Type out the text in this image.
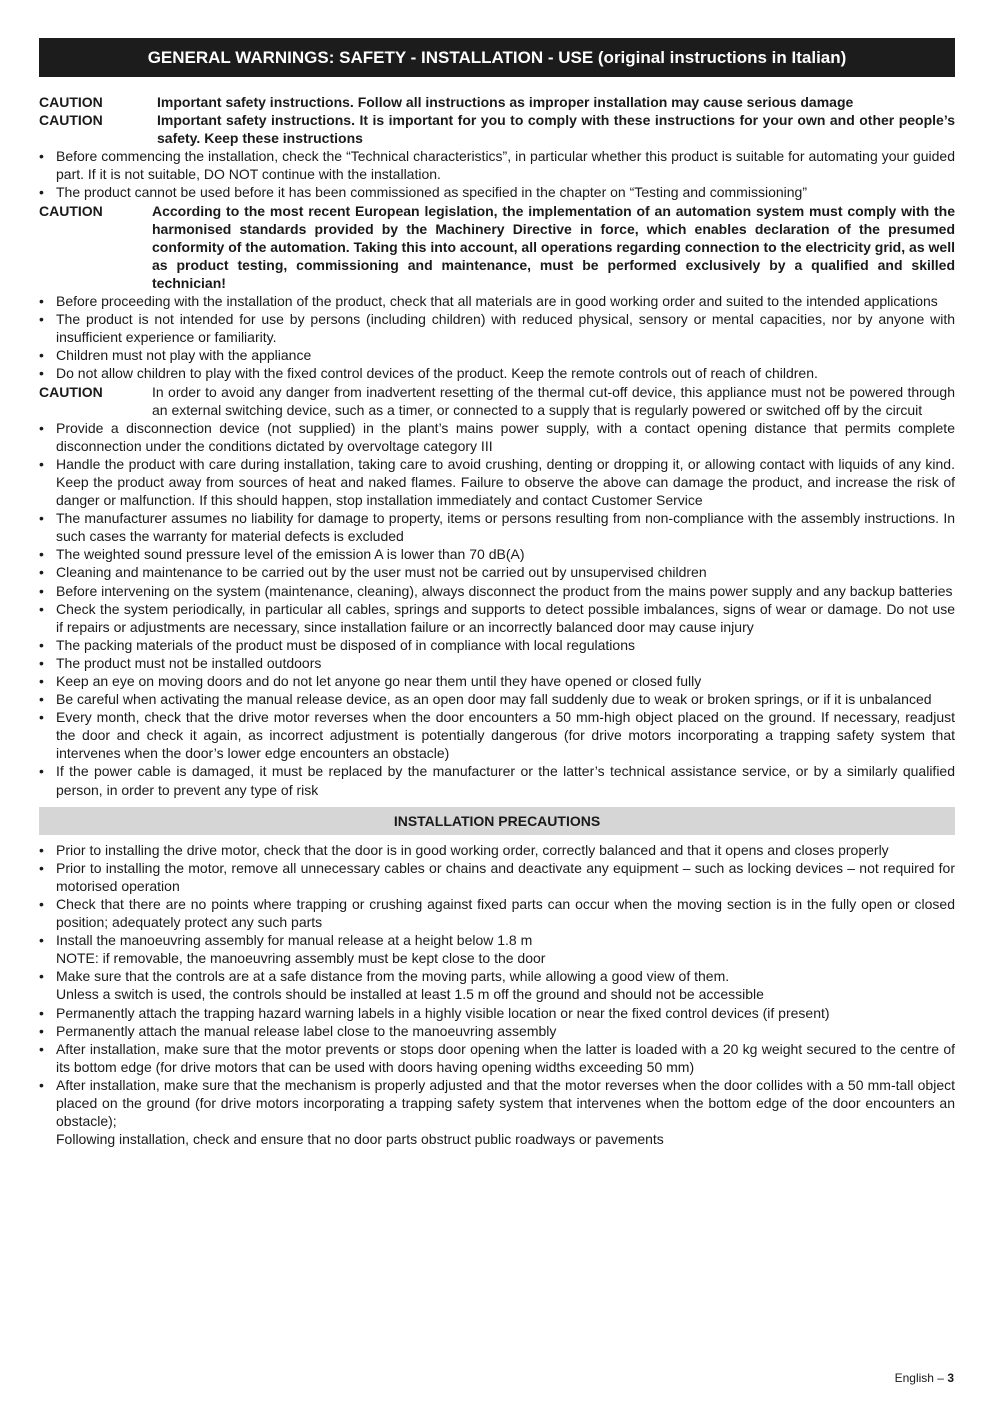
GENERAL WARNINGS: SAFETY - INSTALLATION - USE (original instructions in Italian)
CAUTION	Important safety instructions. Follow all instructions as improper installation may cause serious damage
CAUTION	Important safety instructions. It is important for you to comply with these instructions for your own and other people’s safety. Keep these instructions
• Before commencing the installation, check the “Technical characteristics”, in particular whether this product is suitable for automating your guided part. If it is not suitable, DO NOT continue with the installation.
• The product cannot be used before it has been commissioned as specified in the chapter on “Testing and commissioning”
CAUTION	According to the most recent European legislation, the implementation of an automation system must comply with the harmonised standards provided by the Machinery Directive in force, which enables declaration of the presumed conformity of the automation. Taking this into account, all operations regarding connection to the electricity grid, as well as product testing, commissioning and maintenance, must be performed exclusively by a qualified and skilled technician!
• Before proceeding with the installation of the product, check that all materials are in good working order and suited to the intended applications
• The product is not intended for use by persons (including children) with reduced physical, sensory or mental capacities, nor by anyone with insufficient experience or familiarity.
• Children must not play with the appliance
• Do not allow children to play with the fixed control devices of the product. Keep the remote controls out of reach of children.
CAUTION	In order to avoid any danger from inadvertent resetting of the thermal cut-off device, this appliance must not be powered through an external switching device, such as a timer, or connected to a supply that is regularly powered or switched off by the circuit
• Provide a disconnection device (not supplied) in the plant’s mains power supply, with a contact opening distance that permits complete disconnection under the conditions dictated by overvoltage category III
• Handle the product with care during installation, taking care to avoid crushing, denting or dropping it, or allowing contact with liquids of any kind. Keep the product away from sources of heat and naked flames. Failure to observe the above can damage the product, and increase the risk of danger or malfunction. If this should happen, stop installation immediately and contact Customer Service
• The manufacturer assumes no liability for damage to property, items or persons resulting from non-compliance with the assembly instructions. In such cases the warranty for material defects is excluded
• The weighted sound pressure level of the emission A is lower than 70 dB(A)
• Cleaning and maintenance to be carried out by the user must not be carried out by unsupervised children
• Before intervening on the system (maintenance, cleaning), always disconnect the product from the mains power supply and any backup batteries
• Check the system periodically, in particular all cables, springs and supports to detect possible imbalances, signs of wear or damage. Do not use if repairs or adjustments are necessary, since installation failure or an incorrectly balanced door may cause injury
• The packing materials of the product must be disposed of in compliance with local regulations
• The product must not be installed outdoors
• Keep an eye on moving doors and do not let anyone go near them until they have opened or closed fully
• Be careful when activating the manual release device, as an open door may fall suddenly due to weak or broken springs, or if it is unbalanced
• Every month, check that the drive motor reverses when the door encounters a 50 mm-high object placed on the ground. If necessary, readjust the door and check it again, as incorrect adjustment is potentially dangerous (for drive motors incorporating a trapping safety system that intervenes when the door’s lower edge encounters an obstacle)
• If the power cable is damaged, it must be replaced by the manufacturer or the latter’s technical assistance service, or by a similarly qualified person, in order to prevent any type of risk
INSTALLATION PRECAUTIONS
• Prior to installing the drive motor, check that the door is in good working order, correctly balanced and that it opens and closes properly
• Prior to installing the motor, remove all unnecessary cables or chains and deactivate any equipment – such as locking devices – not required for motorised operation
• Check that there are no points where trapping or crushing against fixed parts can occur when the moving section is in the fully open or closed position; adequately protect any such parts
• Install the manoeuvring assembly for manual release at a height below 1.8 m
NOTE: if removable, the manoeuvring assembly must be kept close to the door
• Make sure that the controls are at a safe distance from the moving parts, while allowing a good view of them.
Unless a switch is used, the controls should be installed at least 1.5 m off the ground and should not be accessible
• Permanently attach the trapping hazard warning labels in a highly visible location or near the fixed control devices (if present)
• Permanently attach the manual release label close to the manoeuvring assembly
• After installation, make sure that the motor prevents or stops door opening when the latter is loaded with a 20 kg weight secured to the centre of its bottom edge (for drive motors that can be used with doors having opening widths exceeding 50 mm)
• After installation, make sure that the mechanism is properly adjusted and that the motor reverses when the door collides with a 50 mm-tall object placed on the ground (for drive motors incorporating a trapping safety system that intervenes when the bottom edge of the door encounters an obstacle);
Following installation, check and ensure that no door parts obstruct public roadways or pavements
English – 3
